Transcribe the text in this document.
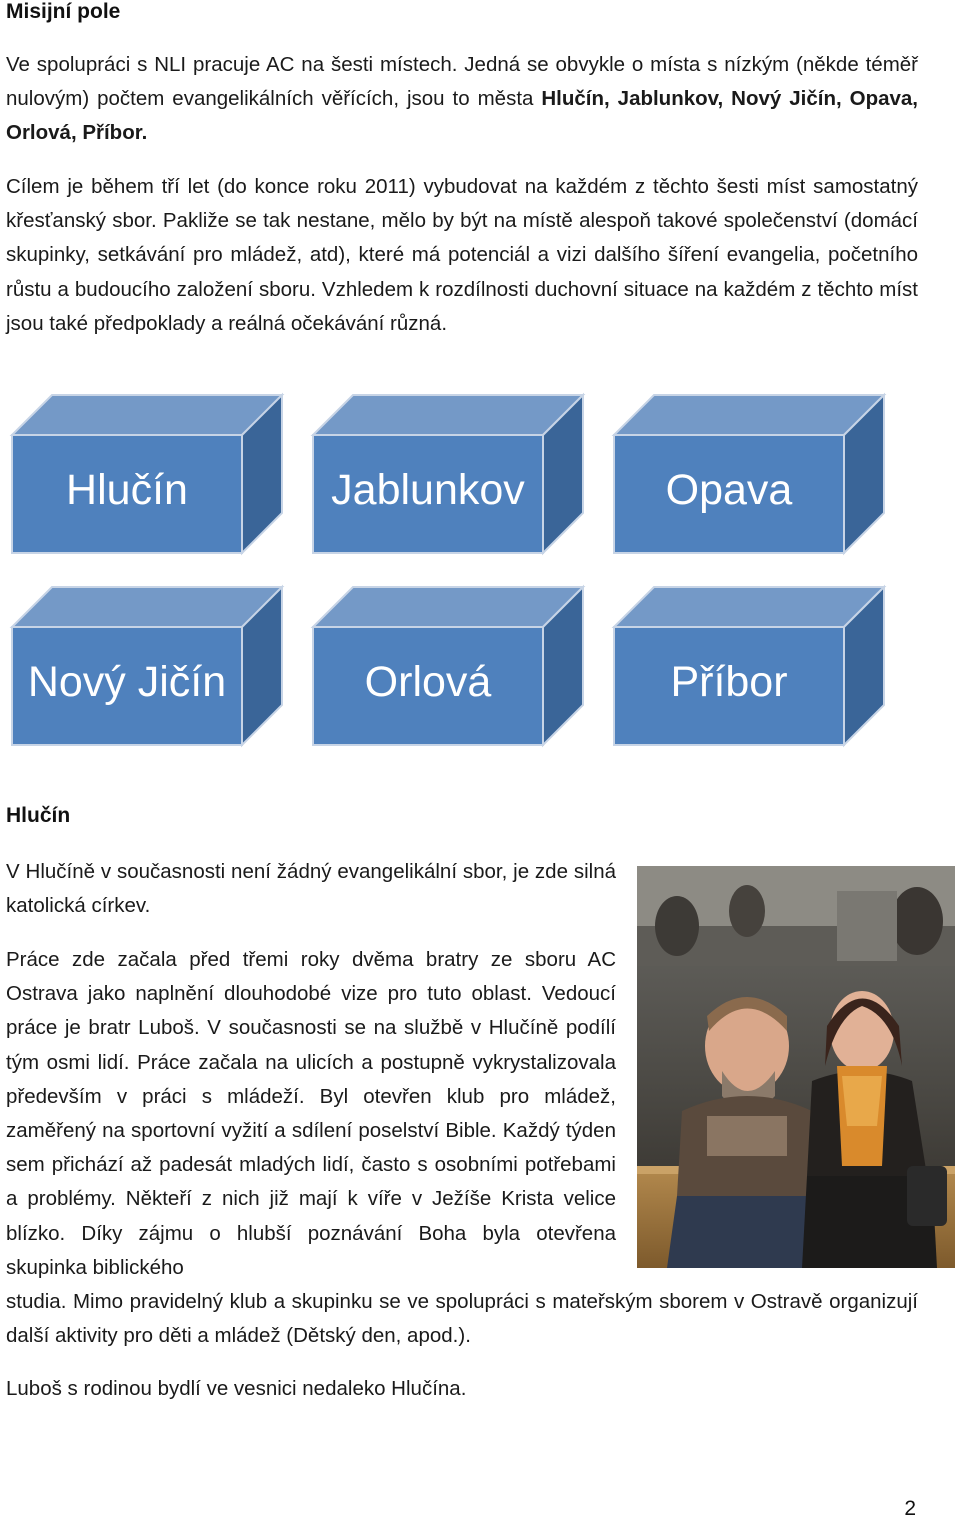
Misijní pole

Ve spolupráci s NLI pracuje AC na šesti místech. Jedná se obvykle o místa s nízkým (někde téměř nulovým) počtem evangelikálních věřících, jsou to města Hlučín, Jablunkov, Nový Jičín, Opava, Orlová, Příbor.

Cílem je během tří let (do konce roku 2011) vybudovat na každém z těchto šesti míst samostatný křesťanský sbor. Pakliže se tak nestane, mělo by být na místě alespoň takové společenství (domácí skupinky, setkávání pro mládež, atd), které má potenciál a vizi dalšího šíření evangelia, početního růstu a budoucího založení sboru. Vzhledem k rozdílnosti duchovní situace na každém z těchto míst jsou také předpoklady a reálná očekávání různá.

Hlučín

V Hlučíně v současnosti není žádný evangelikální sbor, je zde silná katolická církev.

Práce zde začala před třemi roky dvěma bratry ze sboru AC Ostrava jako naplnění dlouhodobé vize pro tuto oblast. Vedoucí práce je bratr Luboš. V současnosti se na službě v Hlučíně podílí tým osmi lidí. Práce začala na ulicích a postupně vykrystalizovala především v práci s mládeží. Byl otevřen klub pro mládež, zaměřený na sportovní vyžití a sdílení poselství Bible. Každý týden sem přichází až padesát mladých lidí, často s osobními potřebami a problémy. Někteří z nich již mají k víře v Ježíše Krista velice blízko. Díky zájmu o hlubší poznávání Boha byla otevřena skupinka biblického

studia. Mimo pravidelný klub a skupinku se ve spolupráci s mateřským sborem v Ostravě organizují další aktivity pro děti a mládež (Dětský den, apod.).

Luboš s rodinou bydlí ve vesnici nedaleko Hlučína.

Hlučín	Jablunkov	Opava
Nový Jičín	Orlová	Příbor
2
